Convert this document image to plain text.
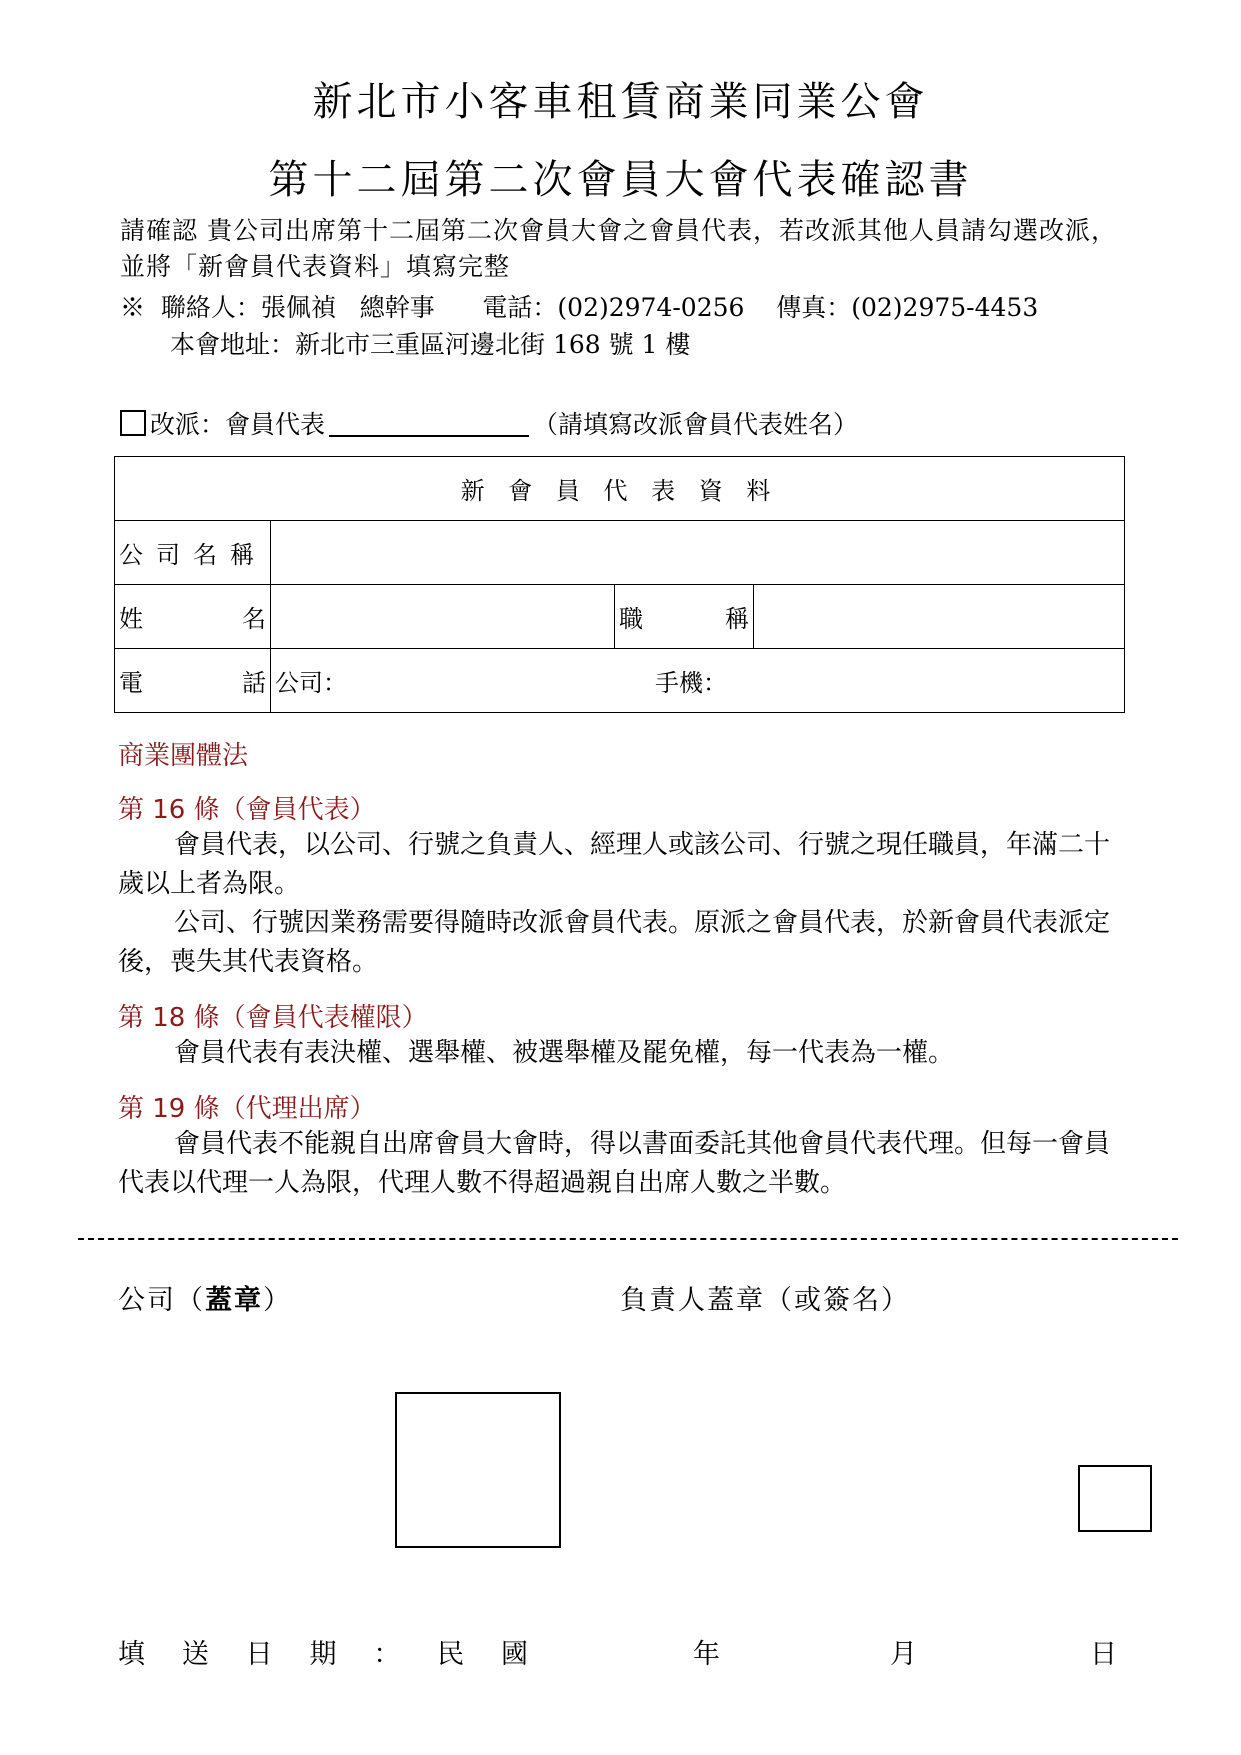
新北市小客車租賃商業同業公會
第十二屆第二次會員大會代表確認書
請確認 貴公司出席第十二屆第二次會員大會之會員代表，若改派其他人員請勾選改派，並將「新會員代表資料」填寫完整
※  聯絡人：張佩禎   總幹事      電話：(02)2974-0256    傳真：(02)2975-4453
本會地址：新北市三重區河邊北街 168 號 1 樓
改派：會員代表	（請填寫改派會員代表姓名）
新 會 員 代 表 資 料			

公 司 名 稱			

姓 名		職 稱	

電 話	公司： 手機：		
商業團體法
第 16 條（會員代表）

會員代表，以公司、行號之負責人、經理人或該公司、行號之現任職員，年滿二十歲以上者為限。

公司、行號因業務需要得隨時改派會員代表。原派之會員代表，於新會員代表派定後，喪失其代表資格。

第 18 條（會員代表權限）

會員代表有表決權、選舉權、被選舉權及罷免權，每一代表為一權。

第 19 條（代理出席）

會員代表不能親自出席會員大會時，得以書面委託其他會員代表代理。但每一會員代表以代理一人為限，代理人數不得超過親自出席人數之半數。

公司（蓋章）	負責人蓋章（或簽名）
填 送 日 期 ： 民 國	年	月	日
